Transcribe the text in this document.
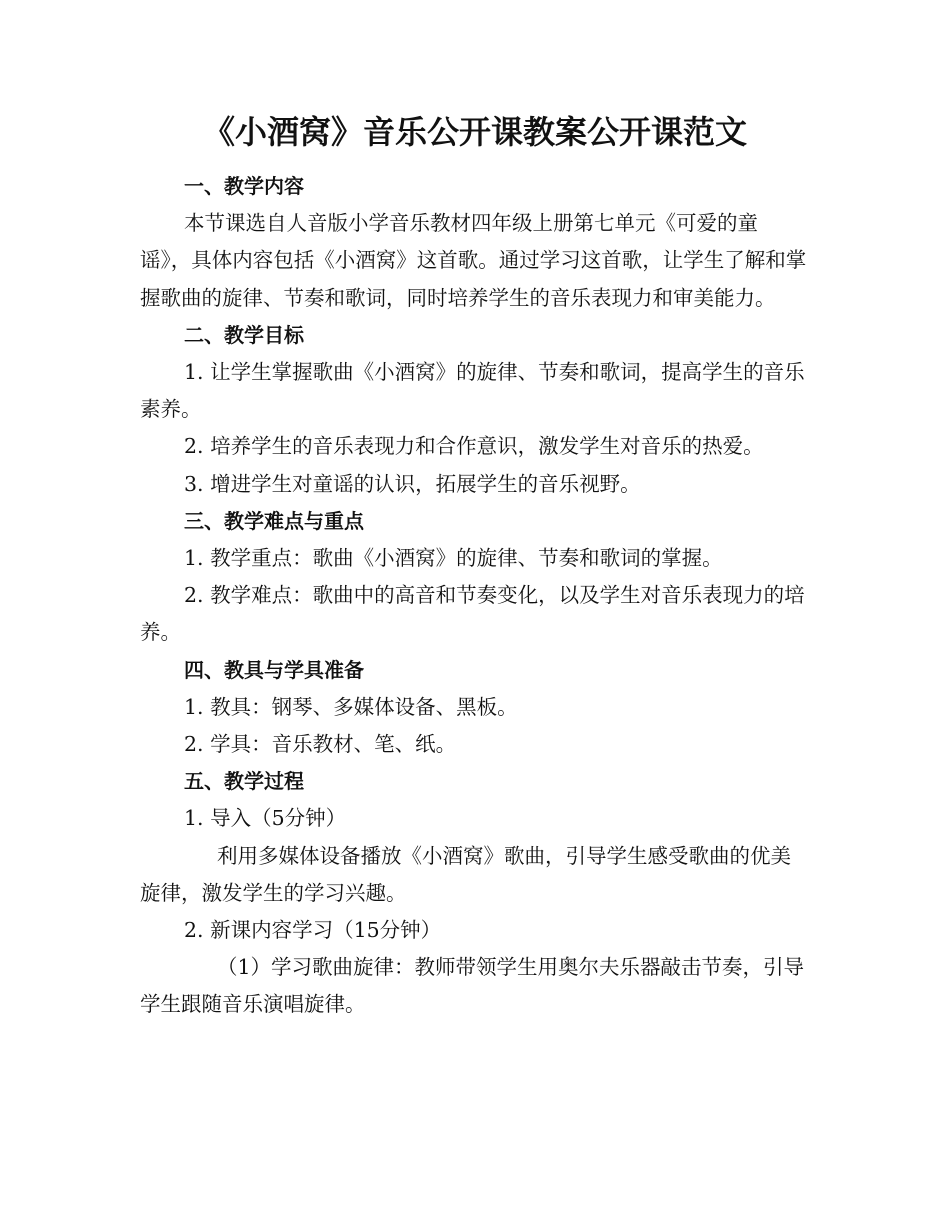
《小酒窝》音乐公开课教案公开课范文

一、教学内容

本节课选自人音版小学音乐教材四年级上册第七单元《可爱的童谣》，具体内容包括《小酒窝》这首歌。通过学习这首歌，让学生了解和掌握歌曲的旋律、节奏和歌词，同时培养学生的音乐表现力和审美能力。

二、教学目标

1. 让学生掌握歌曲《小酒窝》的旋律、节奏和歌词，提高学生的音乐素养。

2. 培养学生的音乐表现力和合作意识，激发学生对音乐的热爱。

3. 增进学生对童谣的认识，拓展学生的音乐视野。

三、教学难点与重点

1. 教学重点：歌曲《小酒窝》的旋律、节奏和歌词的掌握。

2. 教学难点：歌曲中的高音和节奏变化，以及学生对音乐表现力的培养。

四、教具与学具准备

1. 教具：钢琴、多媒体设备、黑板。

2. 学具：音乐教材、笔、纸。

五、教学过程

1. 导入（5分钟）

利用多媒体设备播放《小酒窝》歌曲，引导学生感受歌曲的优美旋律，激发学生的学习兴趣。

2. 新课内容学习（15分钟）

（1）学习歌曲旋律：教师带领学生用奥尔夫乐器敲击节奏，引导学生跟随音乐演唱旋律。
